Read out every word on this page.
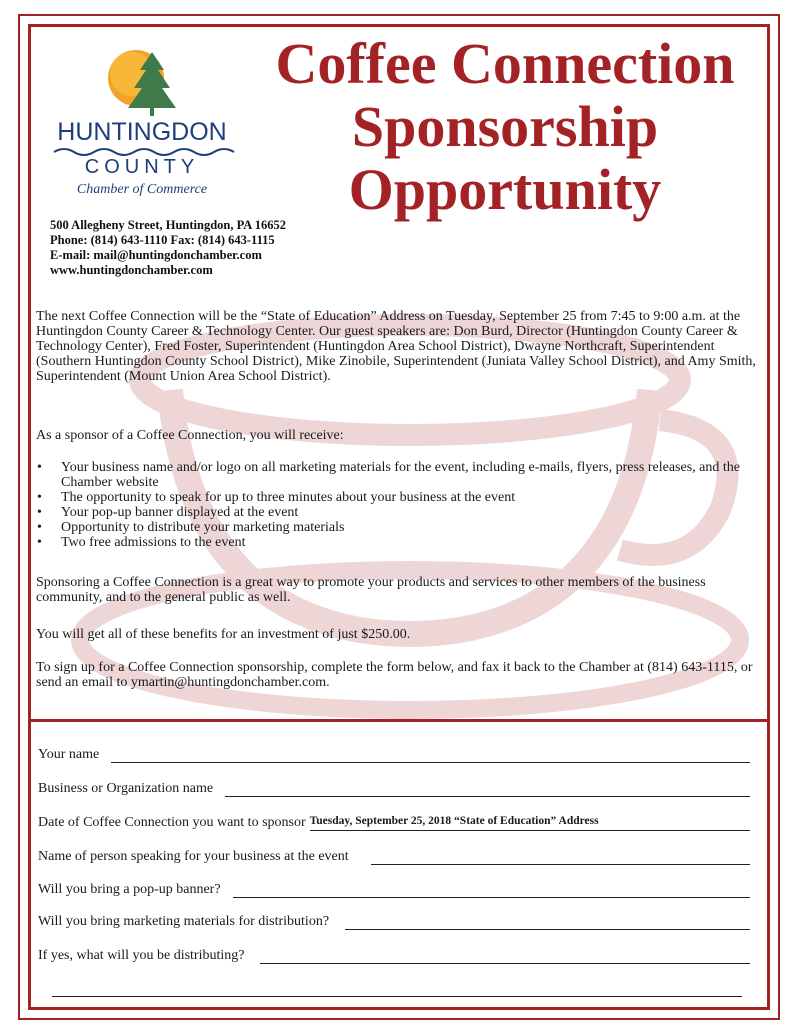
HUNTINGDON
COUNTY
Chamber of Commerce
Coffee Connection
Sponsorship
Opportunity
500 Allegheny Street, Huntingdon, PA 16652
Phone: (814) 643-1110 Fax: (814) 643-1115
E-mail: mail@huntingdonchamber.com
www.huntingdonchamber.com
The next Coffee Connection will be the “State of Education” Address on Tuesday, September 25 from 7:45 to 9:00 a.m. at the Huntingdon County Career & Technology Center. Our guest speakers are: Don Burd, Director (Huntingdon County Career & Technology Center), Fred Foster, Superintendent (Huntingdon Area School District), Dwayne Northcraft, Superintendent (Southern Huntingdon County School District), Mike Zinobile, Superintendent (Juniata Valley School District), and Amy Smith, Superintendent (Mount Union Area School District).
As a sponsor of a Coffee Connection, you will receive:
• Your business name and/or logo on all marketing materials for the event, including e-mails, flyers, press releases, and the Chamber website
• The opportunity to speak for up to three minutes about your business at the event
• Your pop-up banner displayed at the event
• Opportunity to distribute your marketing materials
• Two free admissions to the event
Sponsoring a Coffee Connection is a great way to promote your products and services to other members of the business community, and to the general public as well.
You will get all of these benefits for an investment of just $250.00.
To sign up for a Coffee Connection sponsorship, complete the form below, and fax it back to the Chamber at (814) 643-1115, or send an email to ymartin@huntingdonchamber.com.
Your name
Business or Organization name
Date of Coffee Connection you want to sponsor Tuesday, September 25, 2018 “State of Education” Address
Name of person speaking for your business at the event
Will you bring a pop-up banner?
Will you bring marketing materials for distribution?
If yes, what will you be distributing?
